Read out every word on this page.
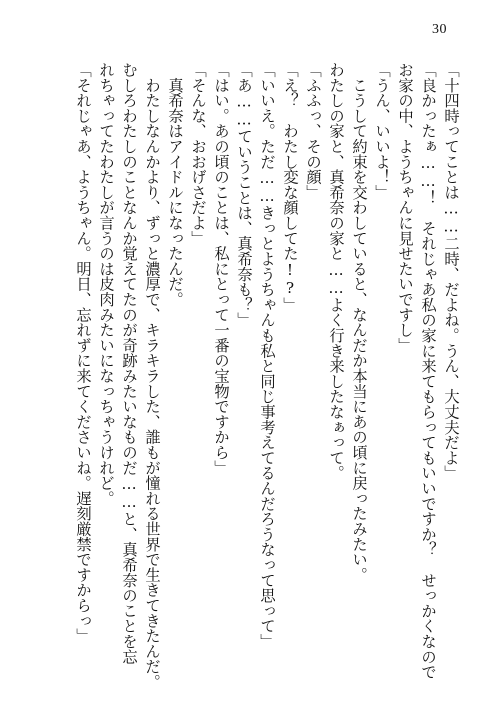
30
「十四時ってことは……二時、だよね。うん、大丈夫だよ」
「良かったぁ……！　それじゃあ私の家に来てもらってもいいですか？　せっかくなので
お家の中、ようちゃんに見せたいですし」
「うん、いいよ！」
　こうして約束を交わしていると、なんだか本当にあの頃に戻ったみたい。
わたしの家と、真希奈の家と……よく行き来したなぁって。
「ふふっ、その顔」
「え？　わたし変な顔してた!?」
「いいえ。ただ……きっとようちゃんも私と同じ事考えてるんだろうなって思って」
「あ……ていうことは、真希奈も？」
「はい。あの頃のことは、私にとって一番の宝物ですから」
「そんな、おおげさだよ」
　真希奈はアイドルになったんだ。
　わたしなんかより、ずっと濃厚で、キラキラした、誰もが憧れる世界で生きてきたんだ。
むしろわたしのことなんか覚えてたのが奇跡みたいなものだ……と、真希奈のことを忘
れちゃってたわたしが言うのは皮肉みたいになっちゃうけれど。
「それじゃあ、ようちゃん。明日、忘れずに来てくださいね。遅刻厳禁ですからっ」
